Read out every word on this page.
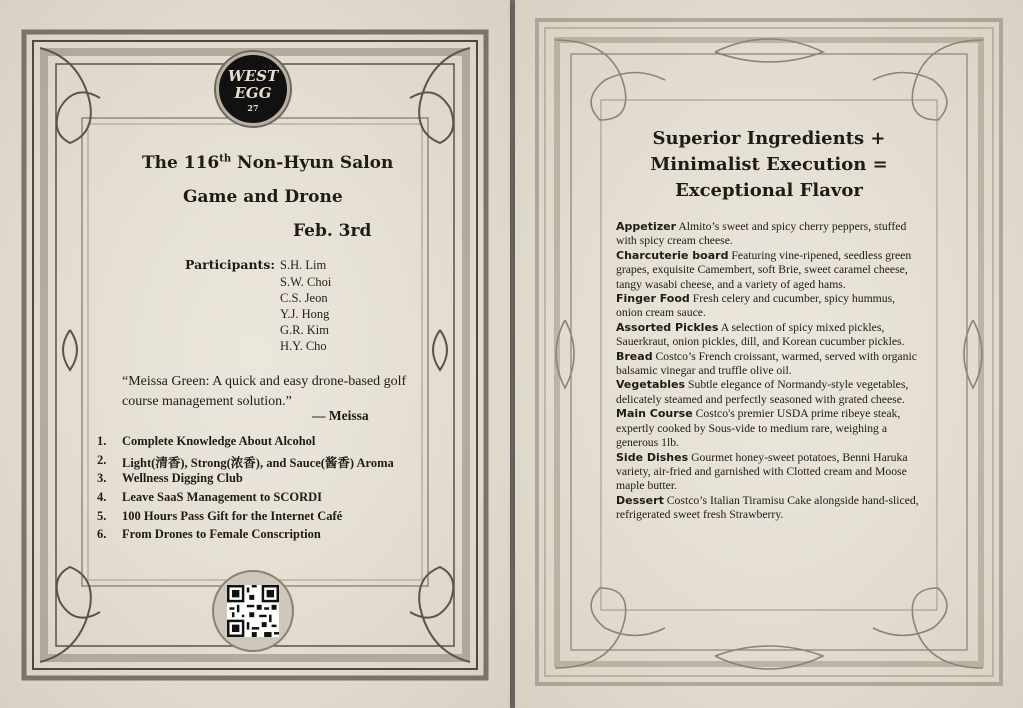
WEST
EGG
27
The 116th Non-Hyun Salon
Game and Drone
Feb. 3rd
Participants: S.H. Lim
S.W. Choi
C.S. Jeon
Y.J. Hong
G.R. Kim
H.Y. Cho
“Meissa Green: A quick and easy drone-based golf course management solution.”
— Meissa
1.	Complete Knowledge About Alcohol
2.	Light(清香), Strong(浓香), and Sauce(酱香) Aroma
3.	Wellness Digging Club
4.	Leave SaaS Management to SCORDI
5.	100 Hours Pass Gift for the Internet Café
6.	From Drones to Female Conscription
Superior Ingredients +
Minimalist Execution =
Exceptional Flavor

Appetizer Almito’s sweet and spicy cherry peppers, stuffed with spicy cream cheese.

Charcuterie board Featuring vine-ripened, seedless green grapes, exquisite Camembert, soft Brie, sweet caramel cheese, tangy wasabi cheese, and a variety of aged hams.

Finger Food Fresh celery and cucumber, spicy hummus, onion cream sauce.

Assorted Pickles A selection of spicy mixed pickles, Sauerkraut, onion pickles, dill, and Korean cucumber pickles.

Bread Costco’s French croissant, warmed, served with organic balsamic vinegar and truffle olive oil.

Vegetables Subtle elegance of Normandy-style vegetables, delicately steamed and perfectly seasoned with grated cheese.

Main Course Costco's premier USDA prime ribeye steak, expertly cooked by Sous-vide to medium rare, weighing a generous 1lb.

Side Dishes Gourmet honey-sweet potatoes, Benni Haruka variety, air-fried and garnished with Clotted cream and Moose maple butter.

Dessert Costco’s Italian Tiramisu Cake alongside hand-sliced, refrigerated sweet fresh Strawberry.
